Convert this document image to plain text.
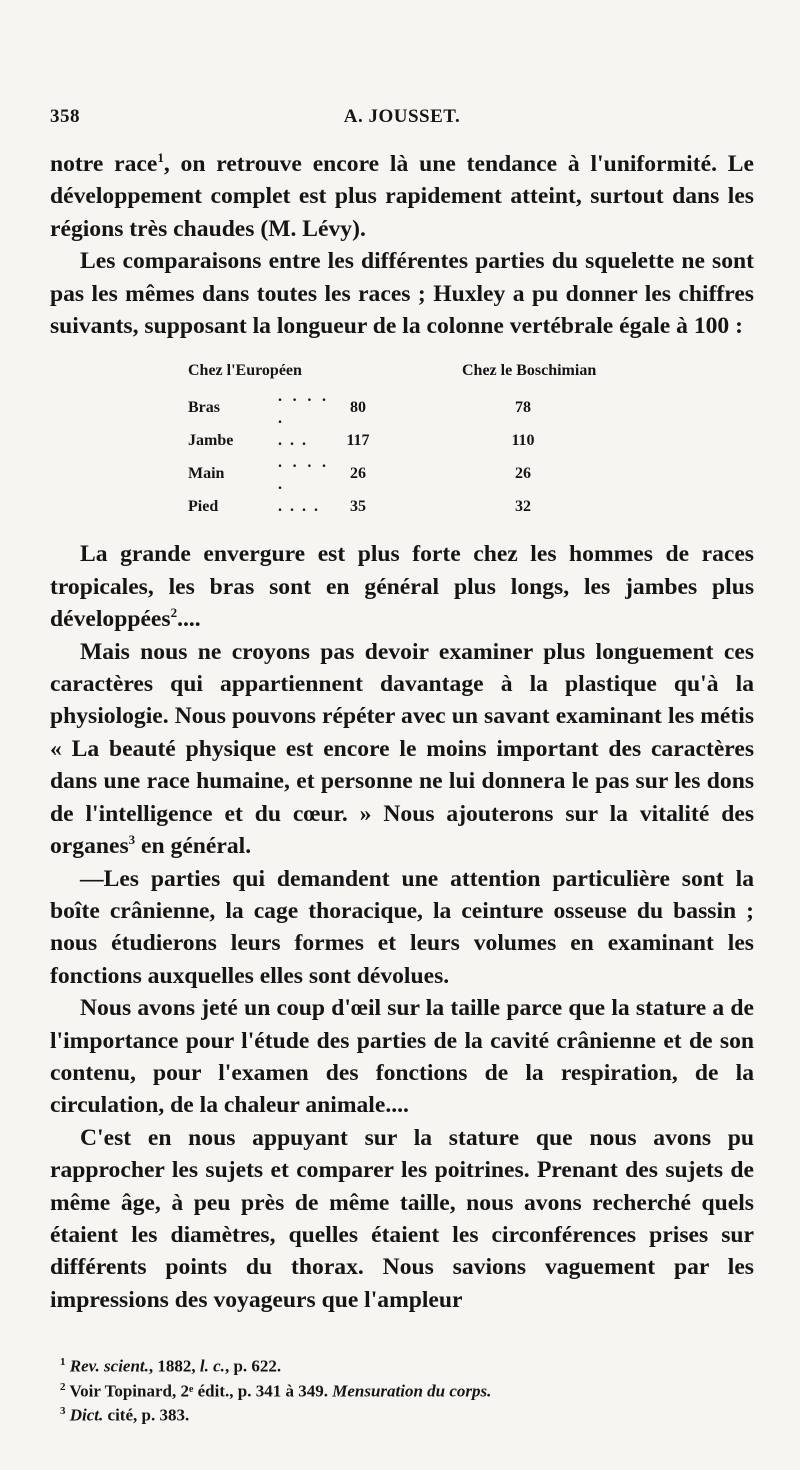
358	A. JOUSSET.

notre race$^1$, on retrouve encore là une tendance à l'uniformité. Le développement complet est plus rapidement atteint, surtout dans les régions très chaudes (M. Lévy).

Les comparaisons entre les différentes parties du squelette ne sont pas les mêmes dans toutes les races ; Huxley a pu donner les chiffres suivants, supposant la longueur de la colonne vertébrale égale à 100 :

Chez l'Européen			Chez le Boschimian
Bras	. . . . .	80	78
Jambe	. . .	117	110
Main	. . . . .	26	26
Pied	. . . .	35	32

La grande envergure est plus forte chez les hommes de races tropicales, les bras sont en général plus longs, les jambes plus développées$^2$....

Mais nous ne croyons pas devoir examiner plus longuement ces caractères qui appartiennent davantage à la plastique qu'à la physiologie. Nous pouvons répéter avec un savant examinant les métis « La beauté physique est encore le moins important des caractères dans une race humaine, et personne ne lui donnera le pas sur les dons de l'intelligence et du cœur. » Nous ajouterons sur la vitalité des organes$^3$ en général.

—Les parties qui demandent une attention particulière sont la boîte crânienne, la cage thoracique, la ceinture osseuse du bassin ; nous étudierons leurs formes et leurs volumes en examinant les fonctions auxquelles elles sont dévolues.

Nous avons jeté un coup d'œil sur la taille parce que la stature a de l'importance pour l'étude des parties de la cavité crânienne et de son contenu, pour l'examen des fonctions de la respiration, de la circulation, de la chaleur animale....

C'est en nous appuyant sur la stature que nous avons pu rapprocher les sujets et comparer les poitrines. Prenant des sujets de même âge, à peu près de même taille, nous avons recherché quels étaient les diamètres, quelles étaient les circonférences prises sur différents points du thorax. Nous savions vaguement par les impressions des voyageurs que l'ampleur

$^1$ Rev. scient., 1882, l. c., p. 622.
$^2$ Voir Topinard, 2ᵉ édit., p. 341 à 349. Mensuration du corps.
$^3$ Dict. cité, p. 383.
